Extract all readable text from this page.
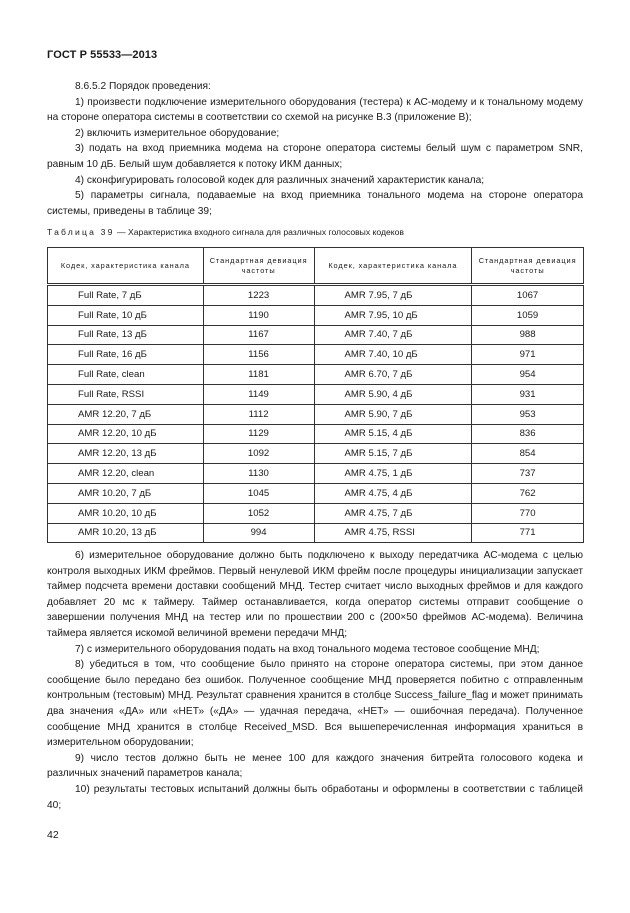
ГОСТ Р 55533—2013

8.6.5.2 Порядок проведения:

1) произвести подключение измерительного оборудования (тестера) к АС-модему и к тональному модему на стороне оператора системы в соответствии со схемой на рисунке В.3 (приложение В);

2) включить измерительное оборудование;

3) подать на вход приемника модема на стороне оператора системы белый шум с параметром SNR, равным 10 дБ. Белый шум добавляется к потоку ИКМ данных;

4) сконфигурировать голосовой кодек для различных значений характеристик канала;

5) параметры сигнала, подаваемые на вход приемника тонального модема на стороне оператора системы, приведены в таблице 39;

Таблица 39 — Характеристика входного сигнала для различных голосовых кодеков
Кодек, характеристика канала	Стандартная девиация частоты	Кодек, характеристика канала	Стандартная девиация частоты
Full Rate, 7 дБ	1223	AMR 7.95, 7 дБ	1067
Full Rate, 10 дБ	1190	AMR 7.95, 10 дБ	1059
Full Rate, 13 дБ	1167	AMR 7.40, 7 дБ	988
Full Rate, 16 дБ	1156	AMR 7.40, 10 дБ	971
Full Rate, clean	1181	AMR 6.70, 7 дБ	954
Full Rate, RSSI	1149	AMR 5.90, 4 дБ	931
AMR 12.20, 7 дБ	1112	AMR 5.90, 7 дБ	953
AMR 12.20, 10 дБ	1129	AMR 5.15, 4 дБ	836
AMR 12.20, 13 дБ	1092	AMR 5.15, 7 дБ	854
AMR 12.20, clean	1130	AMR 4.75, 1 дБ	737
AMR 10.20, 7 дБ	1045	AMR 4.75, 4 дБ	762
AMR 10.20, 10 дБ	1052	AMR 4.75, 7 дБ	770
AMR 10.20, 13 дБ	994	AMR 4.75, RSSI	771

6) измерительное оборудование должно быть подключено к выходу передатчика АС-модема с целью контроля выходных ИКМ фреймов. Первый ненулевой ИКМ фрейм после процедуры инициализации запускает таймер подсчета времени доставки сообщений МНД. Тестер считает число выходных фреймов и для каждого добавляет 20 мс к таймеру. Таймер останавливается, когда оператор системы отправит сообщение о завершении получения МНД на тестер или по прошествии 200 с (200×50 фреймов АС-модема). Величина таймера является искомой величиной времени передачи МНД;

7) с измерительного оборудования подать на вход тонального модема тестовое сообщение МНД;

8) убедиться в том, что сообщение было принято на стороне оператора системы, при этом данное сообщение было передано без ошибок. Полученное сообщение МНД проверяется побитно с отправленным контрольным (тестовым) МНД. Результат сравнения хранится в столбце Success_failure_flag и может принимать два значения «ДА» или «НЕТ» («ДА» — удачная передача, «НЕТ» — ошибочная передача). Полученное сообщение МНД хранится в столбце Received_MSD. Вся вышеперечисленная информация храниться в измерительном оборудовании;

9) число тестов должно быть не менее 100 для каждого значения битрейта голосового кодека и различных значений параметров канала;

10) результаты тестовых испытаний должны быть обработаны и оформлены в соответствии с таблицей 40;

42
